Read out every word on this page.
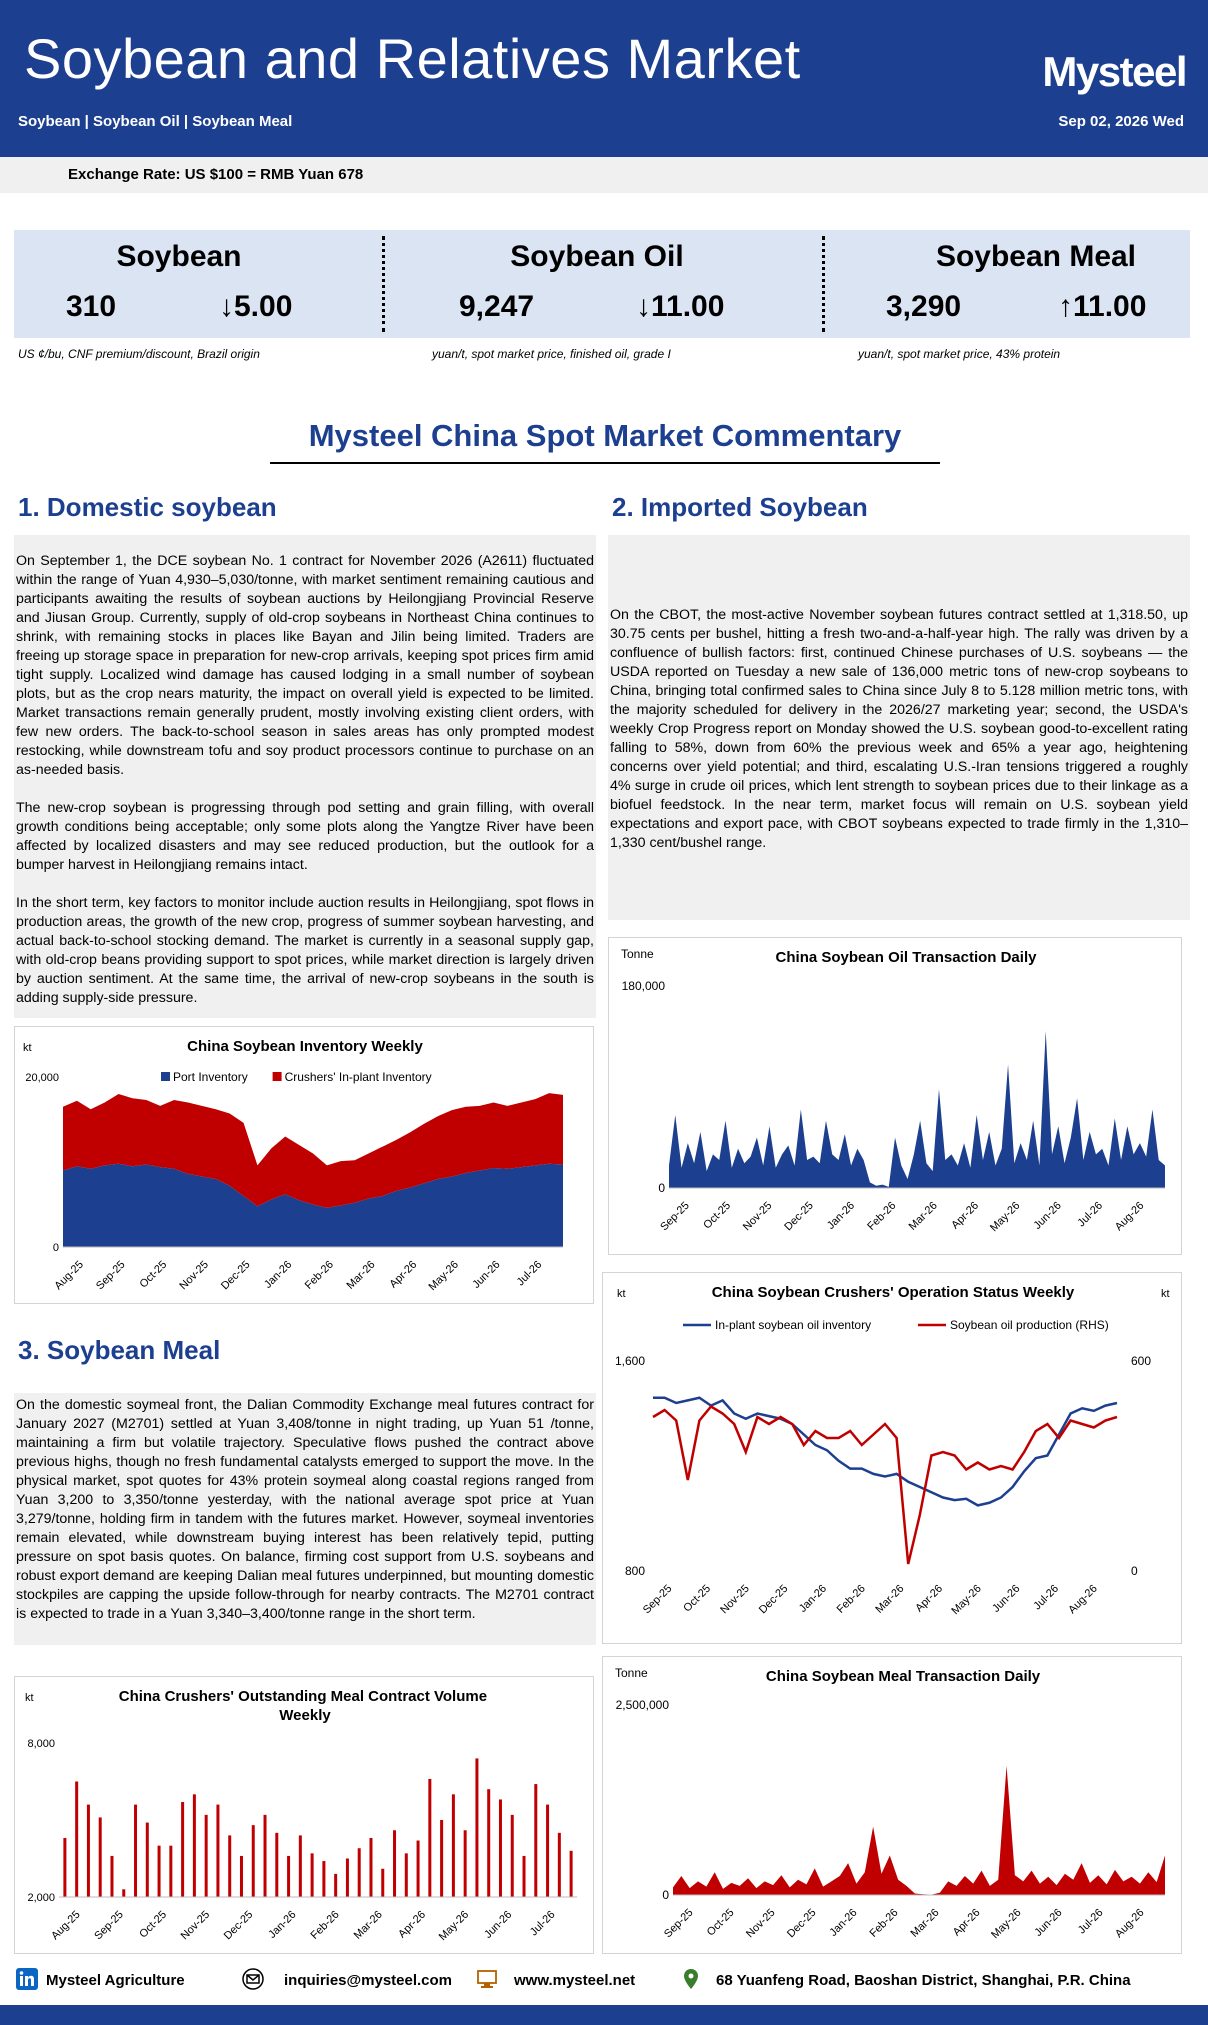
Soybean and Relatives Market
Soybean | Soybean Oil | Soybean Meal	Sep 02, 2026 Wed
Mysteel
Exchange Rate: US $100 = RMB Yuan 678
Soybean
310	↓5.00
Soybean Oil
9,247	↓11.00
Soybean Meal
3,290	↑11.00
US ¢/bu, CNF premium/discount, Brazil origin	yuan/t, spot market price, finished oil, grade I	yuan/t, spot market price, 43% protein
Mysteel China Spot Market Commentary
1. Domestic soybean

On September 1, the DCE soybean No. 1 contract for November 2026 (A2611) fluctuated within the range of Yuan 4,930–5,030/tonne, with market sentiment remaining cautious and participants awaiting the results of soybean auctions by Heilongjiang Provincial Reserve and Jiusan Group. Currently, supply of old-crop soybeans in Northeast China continues to shrink, with remaining stocks in places like Bayan and Jilin being limited. Traders are freeing up storage space in preparation for new-crop arrivals, keeping spot prices firm amid tight supply. Localized wind damage has caused lodging in a small number of soybean plots, but as the crop nears maturity, the impact on overall yield is expected to be limited. Market transactions remain generally prudent, mostly involving existing client orders, with few new orders. The back-to-school season in sales areas has only prompted modest restocking, while downstream tofu and soy product processors continue to purchase on an as-needed basis.

The new-crop soybean is progressing through pod setting and grain filling, with overall growth conditions being acceptable; only some plots along the Yangtze River have been affected by localized disasters and may see reduced production, but the outlook for a bumper harvest in Heilongjiang remains intact.

In the short term, key factors to monitor include auction results in Heilongjiang, spot flows in production areas, the growth of the new crop, progress of summer soybean harvesting, and actual back-to-school stocking demand. The market is currently in a seasonal supply gap, with old-crop beans providing support to spot prices, while market direction is largely driven by auction sentiment. At the same time, the arrival of new-crop soybeans in the south is adding supply-side pressure.

2. Imported Soybean

On the CBOT, the most-active November soybean futures contract settled at 1,318.50, up 30.75 cents per bushel, hitting a fresh two-and-a-half-year high. The rally was driven by a confluence of bullish factors: first, continued Chinese purchases of U.S. soybeans — the USDA reported on Tuesday a new sale of 136,000 metric tons of new-crop soybeans to China, bringing total confirmed sales to China since July 8 to 5.128 million metric tons, with the majority scheduled for delivery in the 2026/27 marketing year; second, the USDA's weekly Crop Progress report on Monday showed the U.S. soybean good-to-excellent rating falling to 58%, down from 60% the previous week and 65% a year ago, heightening concerns over yield potential; and third, escalating U.S.-Iran tensions triggered a roughly 4% surge in crude oil prices, which lent strength to soybean prices due to their linkage as a biofuel feedstock. In the near term, market focus will remain on U.S. soybean yield expectations and export pace, with CBOT soybeans expected to trade firmly in the 1,310–1,330 cent/bushel range.

3. Soybean Meal

On the domestic soymeal front, the Dalian Commodity Exchange meal futures contract for January 2027 (M2701) settled at Yuan 3,408/tonne in night trading, up Yuan 51 /tonne, maintaining a firm but volatile trajectory. Speculative flows pushed the contract above previous highs, though no fresh fundamental catalysts emerged to support the move. In the physical market, spot quotes for 43% protein soymeal along coastal regions ranged from Yuan 3,200 to 3,350/tonne yesterday, with the national average spot price at Yuan 3,279/tonne, holding firm in tandem with the futures market. However, soymeal inventories remain elevated, while downstream buying interest has been relatively tepid, putting pressure on spot basis quotes. On balance, firming cost support from U.S. soybeans and robust export demand are keeping Dalian meal futures underpinned, but mounting domestic stockpiles are capping the upside follow-through for nearby contracts. The M2701 contract is expected to trade in a Yuan 3,340–3,400/tonne range in the short term.

China Soybean Inventory Weekly
kt
20,000
0
Port Inventory	Crushers' In-plant Inventory
Aug-25 Sep-25 Oct-25 Nov-25 Dec-25 Jan-26 Feb-26 Mar-26 Apr-26 May-26 Jun-26 Jul-26
China Soybean Oil Transaction Daily
Tonne
180,000
0
Sep-25 Oct-25 Nov-25 Dec-25 Jan-26 Feb-26 Mar-26 Apr-26 May-26 Jun-26 Jul-26 Aug-26
China Soybean Crushers' Operation Status Weekly
kt	kt
1,600
800
600
0
In-plant soybean oil inventory	Soybean oil production (RHS)
Sep-25 Oct-25 Nov-25 Dec-25 Jan-26 Feb-26 Mar-26 Apr-26 May-26 Jun-26 Jul-26 Aug-26
China Crushers' Outstanding Meal Contract Volume Weekly
kt
8,000
2,000
Aug-25 Sep-25 Oct-25 Nov-25 Dec-25 Jan-26 Feb-26 Mar-26 Apr-26 May-26 Jun-26 Jul-26
China Soybean Meal Transaction Daily
Tonne
2,500,000
0
Sep-25 Oct-25 Nov-25 Dec-25 Jan-26 Feb-26 Mar-26 Apr-26 May-26 Jun-26 Jul-26 Aug-26
Mysteel Agriculture	inquiries@mysteel.com	www.mysteel.net	68 Yuanfeng Road, Baoshan District, Shanghai, P.R. China
